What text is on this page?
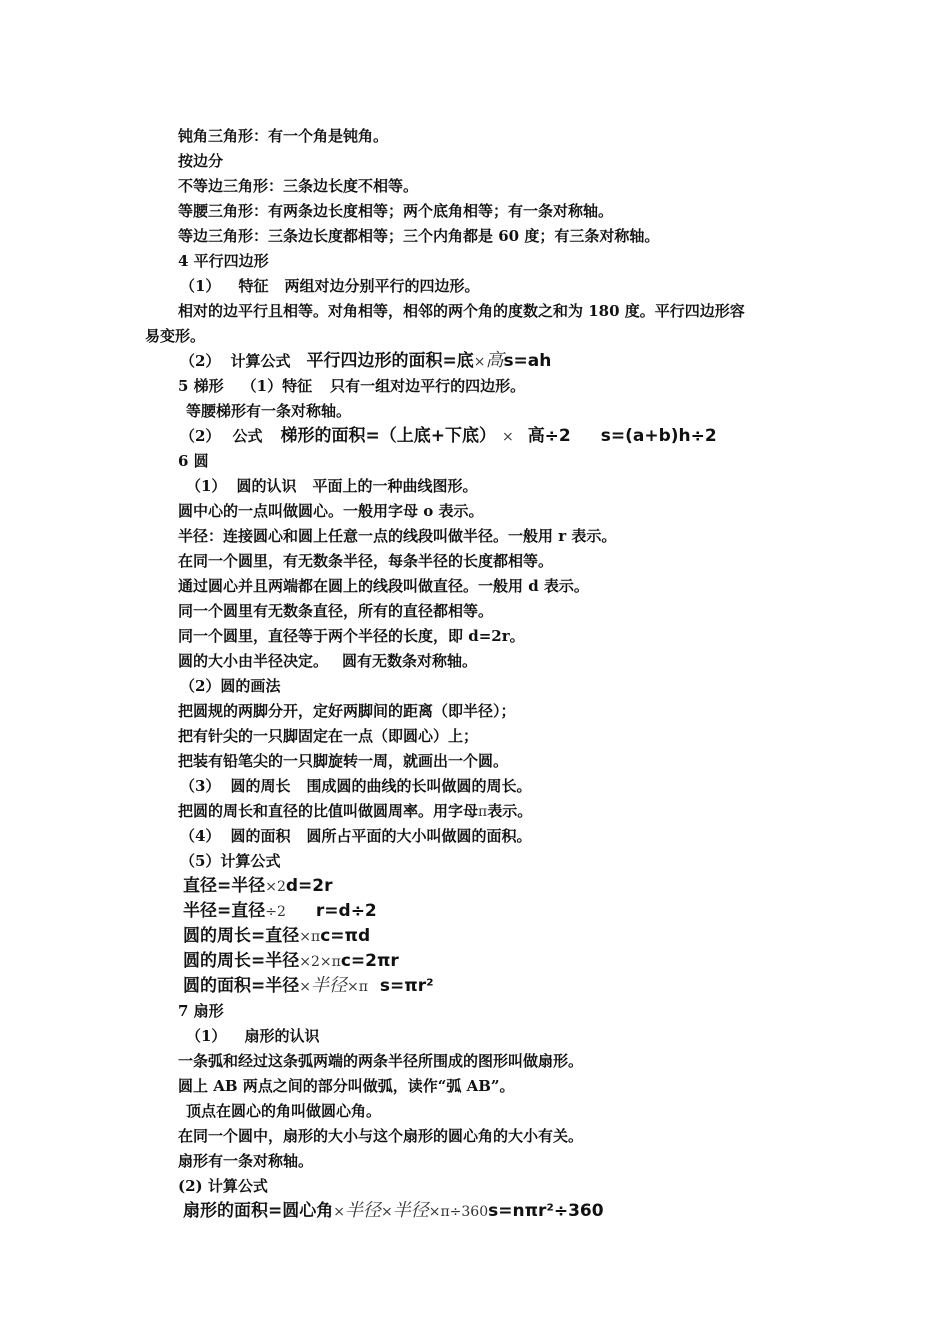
钝角三角形：有一个角是钝角。
按边分
不等边三角形：三条边长度不相等。
等腰三角形：有两条边长度相等；两个底角相等；有一条对称轴。
等边三角形：三条边长度都相等；三个内角都是 60 度；有三条对称轴。
4 平行四边形
（1） 特征 两组对边分别平行的四边形。
相对的边平行且相等。对角相等，相邻的两个角的度数之和为 180 度。平行四边形容
易变形。
（2） 计算公式 平行四边形的面积=底×高s=ah
5 梯形 （1）特征 只有一组对边平行的四边形。
等腰梯形有一条对称轴。
（2） 公式 梯形的面积=（上底+下底） × 高÷2 s=(a+b)h÷2
6 圆
（1） 圆的认识 平面上的一种曲线图形。
圆中心的一点叫做圆心。一般用字母 o 表示。
半径：连接圆心和圆上任意一点的线段叫做半径。一般用 r 表示。
在同一个圆里，有无数条半径，每条半径的长度都相等。
通过圆心并且两端都在圆上的线段叫做直径。一般用 d 表示。
同一个圆里有无数条直径，所有的直径都相等。
同一个圆里，直径等于两个半径的长度，即 d=2r。
圆的大小由半径决定。 圆有无数条对称轴。
（2）圆的画法
把圆规的两脚分开，定好两脚间的距离（即半径）；
把有针尖的一只脚固定在一点（即圆心）上；
把装有铅笔尖的一只脚旋转一周，就画出一个圆。
（3） 圆的周长 围成圆的曲线的长叫做圆的周长。
把圆的周长和直径的比值叫做圆周率。用字母π表示。
（4） 圆的面积 圆所占平面的大小叫做圆的面积。
（5）计算公式
直径=半径×2d=2r
半径=直径÷2 r=d÷2
圆的周长=直径×πc=πd
圆的周长=半径×2×πc=2πr
圆的面积=半径×半径×π s=πr²
7 扇形
（1） 扇形的认识
一条弧和经过这条弧两端的两条半径所围成的图形叫做扇形。
圆上 AB 两点之间的部分叫做弧，读作“弧 AB”。
顶点在圆心的角叫做圆心角。
在同一个圆中，扇形的大小与这个扇形的圆心角的大小有关。
扇形有一条对称轴。
(2) 计算公式
扇形的面积=圆心角×半径×半径×π÷360s=nπr²÷360
